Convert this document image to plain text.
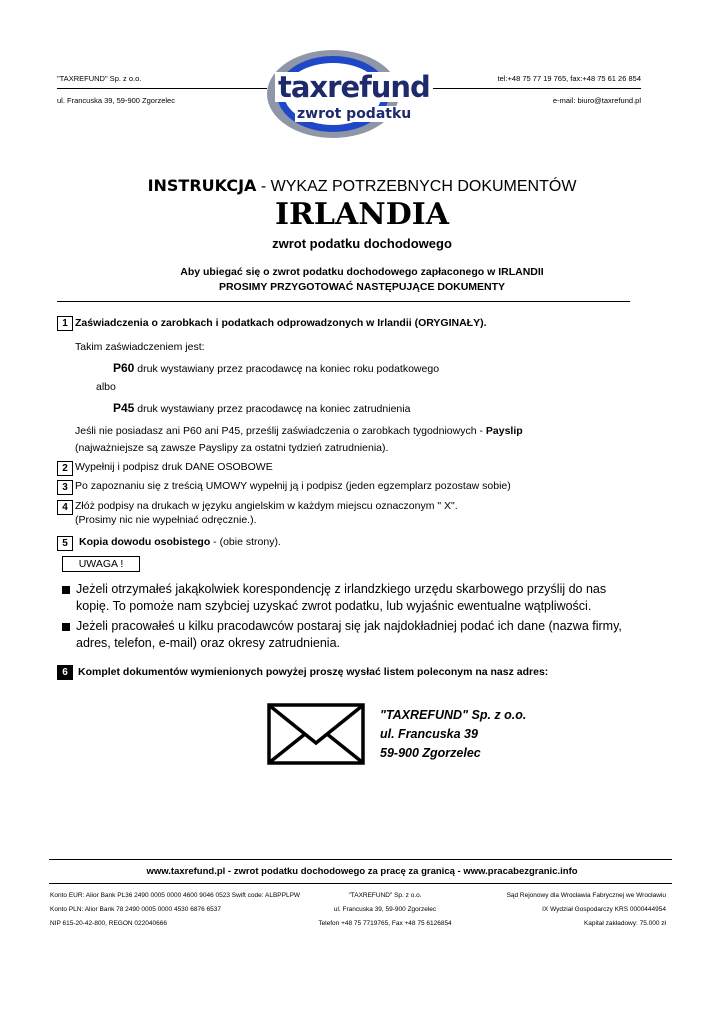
"TAXREFUND" Sp. z o.o.
ul. Francuska 39, 59-900 Zgorzelec
tel:+48 75 77 19 765, fax:+48 75 61 26 854
e-mail: biuro@taxrefund.pl
taxrefund
zwrot podatku
INSTRUKCJA - WYKAZ POTRZEBNYCH DOKUMENTÓW
IRLANDIA
zwrot podatku dochodowego
Aby ubiegać się o zwrot podatku dochodowego zapłaconego w IRLANDII
PROSIMY PRZYGOTOWAĆ NASTĘPUJĄCE DOKUMENTY
1 Zaświadczenia o zarobkach i podatkach odprowadzonych w Irlandii (ORYGINAŁY).
Takim zaświadczeniem jest:
P60 druk wystawiany przez pracodawcę na koniec roku podatkowego
albo
P45 druk wystawiany przez pracodawcę na koniec zatrudnienia
Jeśli nie posiadasz ani P60 ani P45, prześlij zaświadczenia o zarobkach tygodniowych - Payslip
(najważniejsze są zawsze Payslipy za ostatni tydzień zatrudnienia).
2 Wypełnij i podpisz druk DANE OSOBOWE
3 Po zapoznaniu się z treścią UMOWY wypełnij ją i podpisz (jeden egzemplarz pozostaw sobie)
4 Złóż podpisy na drukach w języku angielskim w każdym miejscu oznaczonym " X".
(Prosimy nic nie wypełniać odręcznie.).
5	Kopia dowodu osobistego - (obie strony).
UWAGA !
Jeżeli otrzymałeś jakąkolwiek korespondencję z irlandzkiego urzędu skarbowego przyślij do nas
kopię. To pomoże nam szybciej uzyskać zwrot podatku, lub wyjaśnic ewentualne wątpliwości.
Jeżeli pracowałeś u kilku pracodawców postaraj się jak najdokładniej podać ich dane (nazwa firmy,
adres, telefon, e-mail) oraz okresy zatrudnienia.
6 Komplet dokumentów wymienionych powyżej proszę wysłać listem poleconym na nasz adres:
"TAXREFUND" Sp. z o.o.
ul. Francuska 39
59-900 Zgorzelec
www.taxrefund.pl - zwrot podatku dochodowego za pracę za granicą - www.pracabezgranic.info
Konto EUR: Alior Bank PL36 2490 0005 0000 4600 9046 0523 Swift code: ALBPPLPW
Konto PLN: Alior Bank 78 2490 0005 0000 4530 6876 6537
NIP 615-20-42-800, REGON 022040666
"TAXREFUND" Sp. z o.o.
ul. Francuska 39, 59-900 Zgorzelec
Telefon +48 75 7719765, Fax +48 75 6126854
Sąd Rejonowy dla Wrocławia Fabrycznej we Wrocławiu
IX Wydział Gospodarczy KRS 0000444954
Kapitał zakładowy: 75.000 zł
